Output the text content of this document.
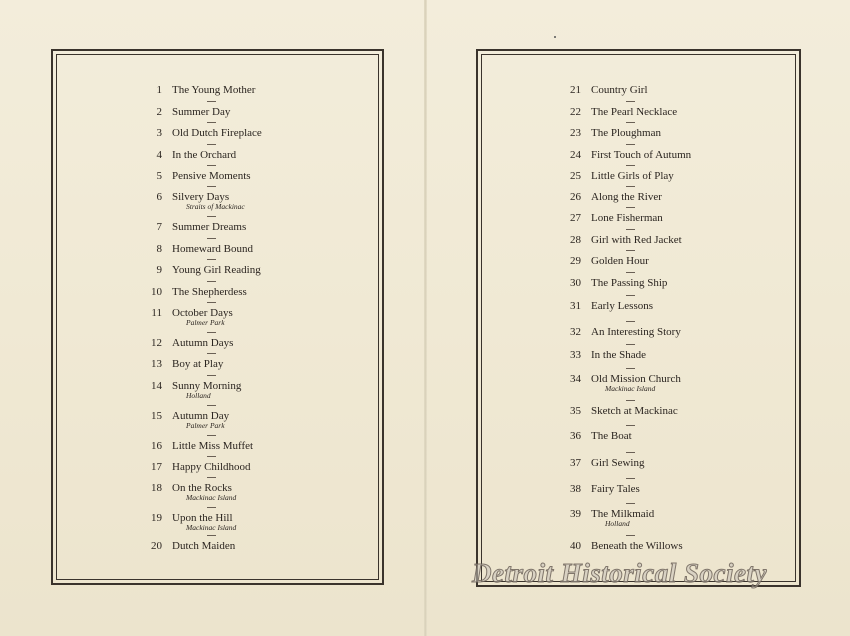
1 The Young Mother
2 Summer Day
3 Old Dutch Fireplace
4 In the Orchard
5 Pensive Moments
6 Silvery Days
Straits of Mackinac
7 Summer Dreams
8 Homeward Bound
9 Young Girl Reading
10 The Shepherdess
11 October Days
Palmer Park
12 Autumn Days
13 Boy at Play
14 Sunny Morning
Holland
15 Autumn Day
Palmer Park
16 Little Miss Muffet
17 Happy Childhood
18 On the Rocks
Mackinac Island
19 Upon the Hill
Mackinac Island
20 Dutch Maiden
21 Country Girl
22 The Pearl Necklace
23 The Ploughman
24 First Touch of Autumn
25 Little Girls of Play
26 Along the River
27 Lone Fisherman
28 Girl with Red Jacket
29 Golden Hour
30 The Passing Ship
31 Early Lessons
32 An Interesting Story
33 In the Shade
34 Old Mission Church
Mackinac Island
35 Sketch at Mackinac
36 The Boat
37 Girl Sewing
38 Fairy Tales
39 The Milkmaid
Holland
40 Beneath the Willows
Detroit Historical Society
